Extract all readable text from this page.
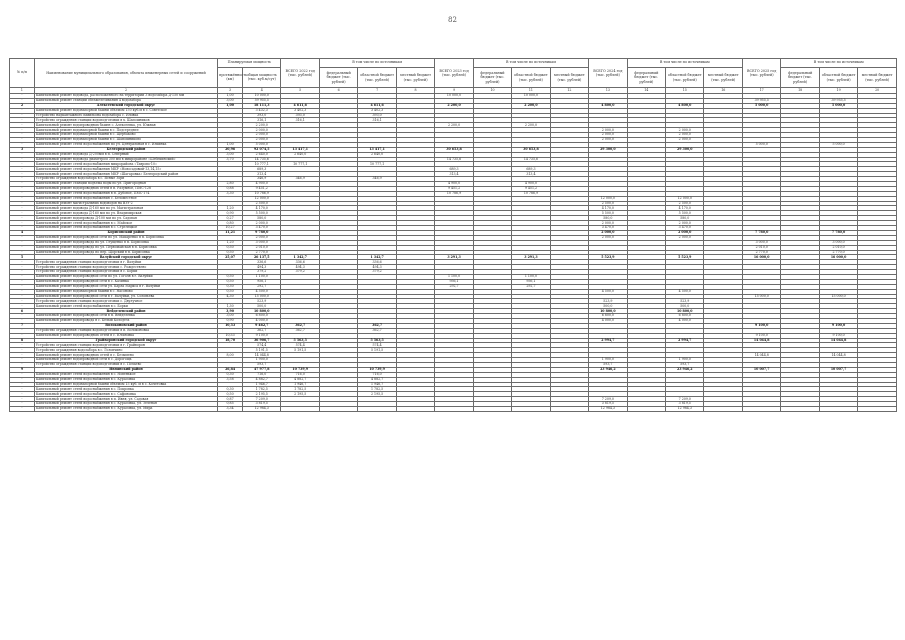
82
№ п/п	Наименование муниципального образования, объекта инженерных сетей и сооружений	Планируемая мощность		ВСЕГО 2022 год (тыс. рублей)	В том числе по источникам			ВСЕГО 2023 год (тыс. рублей)	В том числе по источникам			ВСЕГО 2024 год (тыс. рублей)	В том числе по источникам			ВСЕГО 2025 год (тыс. рублей)	В том числе по источникам		
					федеральный бюджет (тыс. рублей)	областной бюджет (тыс. рублей)	местный бюджет (тыс. рублей)		федеральный бюджет (тыс. рублей)	областной бюджет (тыс. рублей)	местный бюджет (тыс. рублей)		федеральный бюджет (тыс. рублей)	областной бюджет (тыс. рублей)	местный бюджет (тыс. рублей)		федеральный бюджет (тыс. рублей)	областной бюджет (тыс. рублей)	местный бюджет (тыс. рублей)
		протяжённость (км)	общая мощность (тыс. куб.м/сут)																
1	2	3	4	5	6	7	8	9	10	11	12	13	14	15	16	17	18	19	20
-	Капитальный ремонт водовода, расположенного на территории 3 водозабора Д-150 мм	1,00	10 000,0					10 000,0		10 000,0									
-	Капитальный ремонт станции обезжелезивания 4 водозабора	3,00	59 955,5													39 955,5		39 955,5	
2	Алексеевский городской округ	1,00	18 111,3	4 611,6		4 611,6		2 200,0		2 200,0		4 800,0		4 800,0		5 000,0		5 000,0	
-	Капитальный ремонт водонапорной башни объемом 150 куб.м в с. Советское		3 432,3	3 402,3		3 402,3													
-	Устройство надкаптажного павильона водозабора с. Иловка		393,0	393,0		393,0													
-	Устройство ограждения станции водоподготовки в х. Шапошников		316,1	316,1		316,1													
-	Капитальный ремонт водопроводных башен с. Алексеевка, ул. Южная		2 200,0					2 200,0		2 200,0									
-	Капитальный ремонт водонапорной башни в с. Подсереднее		2 000,0									2 000,0		2 000,0					
-	Капитальный ремонт водонапорной башни в с. Щербаково		2 000,0									2 000,0		2 000,0					
-	Капитальный ремонт водонапорной башни в с. Шапошниково		2 000,0									2 000,0		2 000,0					
-	Капитальный ремонт сетей водоснабжения по ул. Центральная в с. Ильинка	1,00	5 000,0													5 000,0		5 000,0	
3	Белгородский район	20,96	92 074,5	13 417,1		13 417,1		30 653,8		30 653,8		29 300,0		29 300,0					
-	Капитальный ремонт водовода Д-200мм в п. Северный	3,00	2 640,0	2 640,0		2 640,0													
-	Капитальный ремонт водовода диаметром 300 мм в микрорайоне «Шебекинский»	3,70	14 735,6					14 735,6		14 735,6									
-	Капитальный ремонт сетей водоснабжения микрорайона «Таврово-10»		10 777,1	10 777,1		10 777,1													
-	Капитальный ремонт сетей водоснабжения МКР «Новосадовый-13,14,15»		689,3					689,3		689,3									
-	Капитальный ремонт сетей водоснабжения МКР «Шагаровка» Белгородский район		313,4					313,4		313,4									
-	Устройство ограждения водозабора в с. Ясные Зори		346,9	346,9		346,9													
-	Капитальный ремонт станции подъема воды по ул. Пригородная	2,80	4 900,0					4 900,0		4 900,0									
-	Капитальный ремонт водопроводных сетей в п. Разумное, ПМС-128	0,88	9 451,2					9 451,2		9 451,2									
-	Капитальный ремонт сетей водоснабжения в п. Дубовое, ПМС-174	3,30	10 786,9					10 786,9		10 786,9									
-	Капитальный ремонт сетей водоснабжения с. Беломестное		12 000,0									12 000,0		12 000,0					
-	Капитальный ремонт магистральных водоводов на ВЗУ-2		2 500,0									2 500,0		2 500,0					
-	Капитальный ремонт водовода Д-160 мм по ул. Магистральная	1,20	4 170,0									4 170,0		4 170,0					
-	Капитальный ремонт водовода Д-160 мм по ул. Владимирская	0,90	5 500,0									5 500,0		5 500,0					
-	Капитальный ремонт водопровода Д-100 мм по ул. Садовая	0,27	580,0									580,0		580,0					
-	Капитальный ремонт сетей водоснабжения в с. Майское	0,80	2 000,0									2 000,0		2 000,0					
-	Капитальный ремонт сетей водоснабжения в с. Стрелецкое	10,27	3 470,0									3 470,0		3 470,0					
4	Борисовский район	11,21	9 780,0									2 000,0		2 000,0		7 780,0		7 780,0	
-	Капитальный ремонт водопроводной сети по ул. Макаренко в п. Борисовка		2 000,0									2 000,0		2 000,0					
-	Капитальный ремонт водопровода по ул. Глущенко в п. Борисовка	1,20	3 000,0													3 000,0		3 000,0	
-	Капитальный ремонт водопровода по ул. Первомайская в п. Борисовка	0,50	2 010,0													2 010,0		2 010,0	
-	Капитальный ремонт водопровода по пер. Щорский в п. Борисовка	0,50	2 770,0													2 770,0		2 770,0	
5	Валуйский городской округ	25,07	26 137,5	1 342,7		1 342,7		3 291,3		3 291,3		5 523,9		5 523,9		16 000,0		16 000,0	
-	Устройство ограждения станции водоподготовки в г. Валуйки		336,6	336,6		336,6													
-	Устройство ограждения станции водоподготовки с. Рождествено		494,3	494,3		494,3													
-	Устройство ограждения станции водоподготовки в с. Борки		379,2	379,2		379,2													
-	Капитальный ремонт водопроводной сети по ул. Гоголя в г. Валуйки	0,50	1 100,0					1 100,0		1 100,0									
-	Капитальный ремонт водопроводной сети в с. Казинка	0,50	956,1					956,1		956,1									
-	Капитальный ремонт водопроводной сети ул. Карла Маркса в г. Валуйки	0,30	292,7					292,7		292,7									
-	Капитальный ремонт водонапорной башни в с. Насоново	0,50	4 500,0									4 500,0		4 500,0					
-	Капитальный ремонт водопроводной сети в г. Валуйки, ул. Соловьева	4,30	15 000,0													15 000,0		15 000,0	
-	Устройство ограждения станции водоподготовки с. Двулучное		523,9									523,9		523,9					
-	Капитальный ремонт сетей водоснабжения в с. Борки	1,30	500,0									500,0		500,0					
6	Вейделевский район	3,90	10 800,0									10 800,0		10 800,0					
-	Капитальный ремонт водопроводной сети в п. Вейделевка	3,00	6 800,0									6 800,0		6 800,0					
-	Капитальный ремонт водопровода в с. Белый Колодезь	0,90	4 000,0									4 000,0		4 000,0					
7	Волоконовский район	10,53	9 462,7	362,7		362,7										9 100,0		9 100,0	
-	Устройство ограждения станции водоподготовки в п. Волоконовка		362,7	362,7		362,7													
-	Капитальный ремонт водопроводных сетей в с. Ютановка	10,53	9 100,0													9 100,0		9 100,0	
8	Грайворонский городской округ	18,70	36 906,7	5 563,5		5 563,5						2 994,7		2 994,7		14 044,8		14 044,8	
-	Устройство ограждения станции водоподготовки в г. Грайворон		574,4	574,4		574,4													
-	Устройство ограждения водозабора в с. Головчино		5 191,5	5 191,5		5 191,5													
-	Капитальный ремонт водопроводных сетей в с. Безымено	8,00	14 044,8													14 044,8		14 044,8	
-	Капитальный ремонт водопроводной сети в с. Дорогощь		1 900,0									1 900,0		1 900,0					
-	Устройство ограждения станции водоподготовки в с. Почаево		593,7									593,7		593,7					
9	Ивнянский район	26,84	47 977,8	10 739,9		10 739,9						23 946,2		23 946,2		10 007,7		10 007,7	
-	Капитальный ремонт сетей водоснабжения в с. Новенькое	0,30	716,0	716,0		716,0													
-	Капитальный ремонт сетей водоснабжения в с. Курасовка	3,58	4 882,7	4 882,7		4 882,7													
-	Капитальный ремонт водонапорной башни объемом 15 куб. м в с. Кочетовка		1 946,7	1 946,7		1 946,7													
-	Капитальный ремонт сетей водоснабжения в с. Покровка	0,30	1 782,5	1 782,5		1 782,5													
-	Капитальный ремонт сетей водоснабжения в с. Сафоновка	0,50	2 195,5	2 195,5		2 195,5													
-	Капитальный ремонт сетей водоснабжения в п. Ивня, ул. Садовая	0,87	7 209,0									7 209,0		7 209,0					
-	Капитальный ремонт сетей водоснабжения в с. Курасовка, ул. Зеленая	0,85	3 819,5									3 819,5		3 819,5					
-	Капитальный ремонт сетей водоснабжения в с. Курасовка, ул. Мира	3,34	12 984,3									12 984,3		12 984,3					
